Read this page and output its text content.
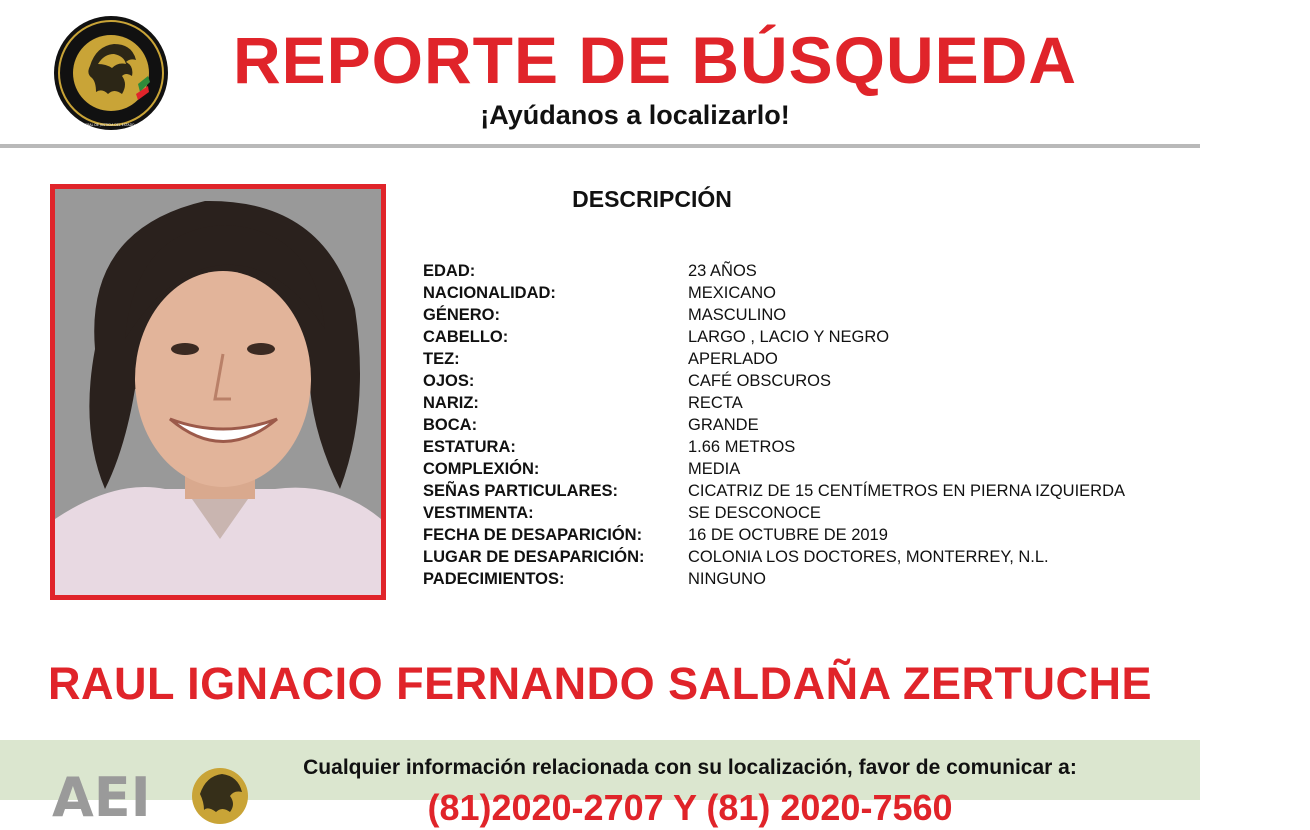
FISCALÍA GENERAL DE JUSTICIA DEL ESTADO · NUEVO LEÓN
REPORTE DE BÚSQUEDA
¡Ayúdanos a localizarlo!
DESCRIPCIÓN
EDAD:	23 AÑOS
NACIONALIDAD:	MEXICANO
GÉNERO:	MASCULINO
CABELLO:	LARGO , LACIO Y NEGRO
TEZ:	APERLADO
OJOS:	CAFÉ OBSCUROS
NARIZ:	RECTA
BOCA:	GRANDE
ESTATURA:	1.66 METROS
COMPLEXIÓN:	MEDIA
SEÑAS PARTICULARES:	CICATRIZ DE 15 CENTÍMETROS EN PIERNA IZQUIERDA
VESTIMENTA:	SE DESCONOCE
FECHA DE DESAPARICIÓN:	16 DE OCTUBRE DE 2019
LUGAR DE DESAPARICIÓN:	COLONIA LOS DOCTORES, MONTERREY, N.L.
PADECIMIENTOS:	NINGUNO
RAUL IGNACIO FERNANDO SALDAÑA ZERTUCHE
AEI	Cualquier información relacionada con su localización, favor de comunicar a:
(81)2020-2707 Y (81) 2020-7560
